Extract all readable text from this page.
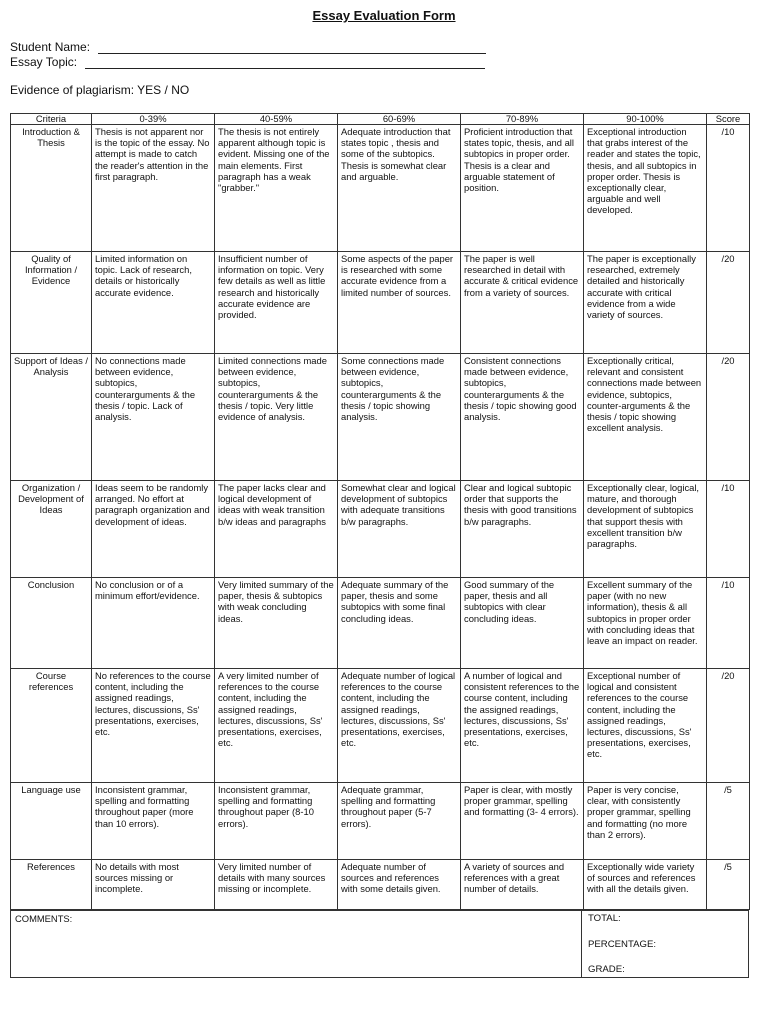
Essay Evaluation Form
Student Name:
Essay Topic:
Evidence of plagiarism: YES / NO
Criteria	0-39%	40-59%	60-69%	70-89%	90-100%	Score
Introduction & Thesis	Thesis is not apparent nor is the topic of the essay. No attempt is made to catch the reader's attention in the first paragraph.	The thesis is not entirely apparent although topic is evident. Missing one of the main elements. First paragraph has a weak "grabber."	Adequate introduction that states topic , thesis and some of the subtopics. Thesis is somewhat clear and arguable.	Proficient introduction that states topic, thesis, and all subtopics in proper order. Thesis is a clear and arguable statement of position.	Exceptional introduction that grabs interest of the reader and states the topic, thesis, and all subtopics in proper order. Thesis is exceptionally clear, arguable and well developed.	/10
Quality of Information / Evidence	Limited information on topic. Lack of research, details or historically accurate evidence.	Insufficient number of information on topic. Very few details as well as little research and historically accurate evidence are provided.	Some aspects of the paper is researched with some accurate evidence from a limited number of sources.	The paper is well researched in detail with accurate & critical evidence from a variety of sources.	The paper is exceptionally researched, extremely detailed and historically accurate with critical evidence from a wide variety of sources.	/20
Support of Ideas / Analysis	No connections made between evidence, subtopics, counterarguments & the thesis / topic. Lack of analysis.	Limited connections made between evidence, subtopics, counterarguments & the thesis / topic. Very little evidence of analysis.	Some connections made between evidence, subtopics, counterarguments & the thesis / topic showing analysis.	Consistent connections made between evidence, subtopics, counterarguments & the thesis / topic showing good analysis.	Exceptionally critical, relevant and consistent connections made between evidence, subtopics, counter-arguments & the thesis / topic showing excellent analysis.	/20
Organization / Development of Ideas	Ideas seem to be randomly arranged. No effort at paragraph organization and development of ideas.	The paper lacks clear and logical development of ideas with weak transition b/w ideas and paragraphs	Somewhat clear and logical development of subtopics with adequate transitions b/w paragraphs.	Clear and logical subtopic order that supports the thesis with good transitions b/w paragraphs.	Exceptionally clear, logical, mature, and thorough development of subtopics that support thesis with excellent transition b/w paragraphs.	/10
Conclusion	No conclusion or of a minimum effort/evidence.	Very limited summary of the paper, thesis & subtopics with weak concluding ideas.	Adequate summary of the paper, thesis and some subtopics with some final concluding ideas.	Good summary of the paper, thesis and all subtopics with clear concluding ideas.	Excellent summary of the paper (with no new information), thesis & all subtopics in proper order with concluding ideas that leave an impact on reader.	/10
Course references	No references to the course content, including the assigned readings, lectures, discussions, Ss' presentations, exercises, etc.	A very limited number of references to the course content, including the assigned readings, lectures, discussions, Ss' presentations, exercises, etc.	Adequate number of logical references to the course content, including the assigned readings, lectures, discussions, Ss' presentations, exercises, etc.	A number of logical and consistent references to the course content, including the assigned readings, lectures, discussions, Ss' presentations, exercises, etc.	Exceptional number of logical and consistent references to the course content, including the assigned readings, lectures, discussions, Ss' presentations, exercises, etc.	/20
Language use	Inconsistent grammar, spelling and formatting throughout paper (more than 10 errors).	Inconsistent grammar, spelling and formatting throughout paper (8-10 errors).	Adequate grammar, spelling and formatting throughout paper (5-7 errors).	Paper is clear, with mostly proper grammar, spelling and formatting (3- 4 errors).	Paper is very concise, clear, with consistently proper grammar, spelling and formatting (no more than 2 errors).	/5
References	No details with most sources missing or incomplete.	Very limited number of details with many sources missing or incomplete.	Adequate number of sources and references with some details given.	A variety of sources and references with a great number of details.	Exceptionally wide variety of sources and references with all the details given.	/5
COMMENTS:	TOTAL:
PERCENTAGE:
GRADE:
